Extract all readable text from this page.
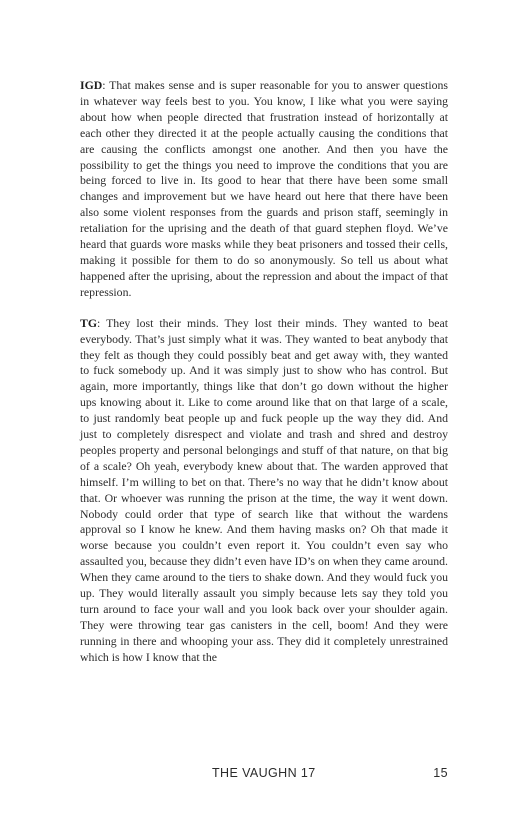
IGD: That makes sense and is super reasonable for you to answer questions in whatever way feels best to you. You know, I like what you were saying about how when people directed that frustration instead of horizontally at each other they directed it at the people actually causing the conditions that are causing the conflicts amongst one another. And then you have the possibility to get the things you need to improve the conditions that you are being forced to live in. Its good to hear that there have been some small changes and improvement but we have heard out here that there have been also some violent responses from the guards and prison staff, seemingly in retaliation for the uprising and the death of that guard stephen floyd. We’ve heard that guards wore masks while they beat prisoners and tossed their cells, making it possible for them to do so anonymously. So tell us about what happened after the uprising, about the repression and about the impact of that repression.

TG: They lost their minds. They lost their minds. They wanted to beat everybody. That’s just simply what it was. They wanted to beat anybody that they felt as though they could possibly beat and get away with, they wanted to fuck somebody up. And it was simply just to show who has control. But again, more importantly, things like that don’t go down without the higher ups knowing about it. Like to come around like that on that large of a scale, to just randomly beat people up and fuck people up the way they did. And just to completely disrespect and violate and trash and shred and destroy peoples property and personal belongings and stuff of that nature, on that big of a scale? Oh yeah, everybody knew about that. The warden approved that himself. I’m willing to bet on that. There’s no way that he didn’t know about that. Or whoever was running the prison at the time, the way it went down. Nobody could order that type of search like that without the wardens approval so I know he knew. And them having masks on? Oh that made it worse because you couldn’t even report it. You couldn’t even say who assaulted you, because they didn’t even have ID’s on when they came around. When they came around to the tiers to shake down. And they would fuck you up. They would literally assault you simply because lets say they told you turn around to face your wall and you look back over your shoulder again. They were throwing tear gas canisters in the cell, boom! And they were running in there and whooping your ass. They did it completely unrestrained which is how I know that the

THE VAUGHN 17	15
